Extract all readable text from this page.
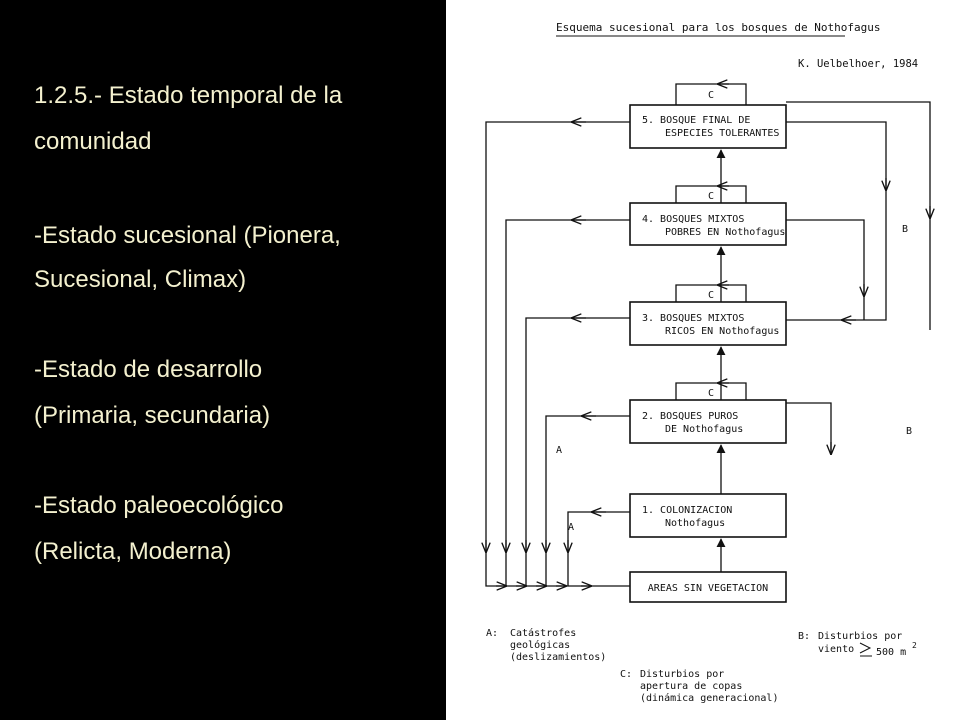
1.2.5.- Estado temporal de la
comunidad
-Estado sucesional (Pionera,
Sucesional, Climax)
-Estado de desarrollo
(Primaria, secundaria)
-Estado paleoecológico
(Relicta, Moderna)
Esquema sucesional para los bosques de Nothofagus
K. Uelbelhoer, 1984
5. BOSQUE FINAL DE
ESPECIES TOLERANTES
4. BOSQUES MIXTOS
POBRES EN Nothofagus
3. BOSQUES MIXTOS
RICOS EN Nothofagus
2. BOSQUES PUROS
DE Nothofagus
1. COLONIZACION
Nothofagus
AREAS SIN VEGETACION
C
C
C
C
A
A
B
B
A: Catástrofes
geológicas
(deslizamientos)
B: Disturbios por
viento 500 m
2
C: Disturbios por
apertura de copas
(dinámica generacional)
